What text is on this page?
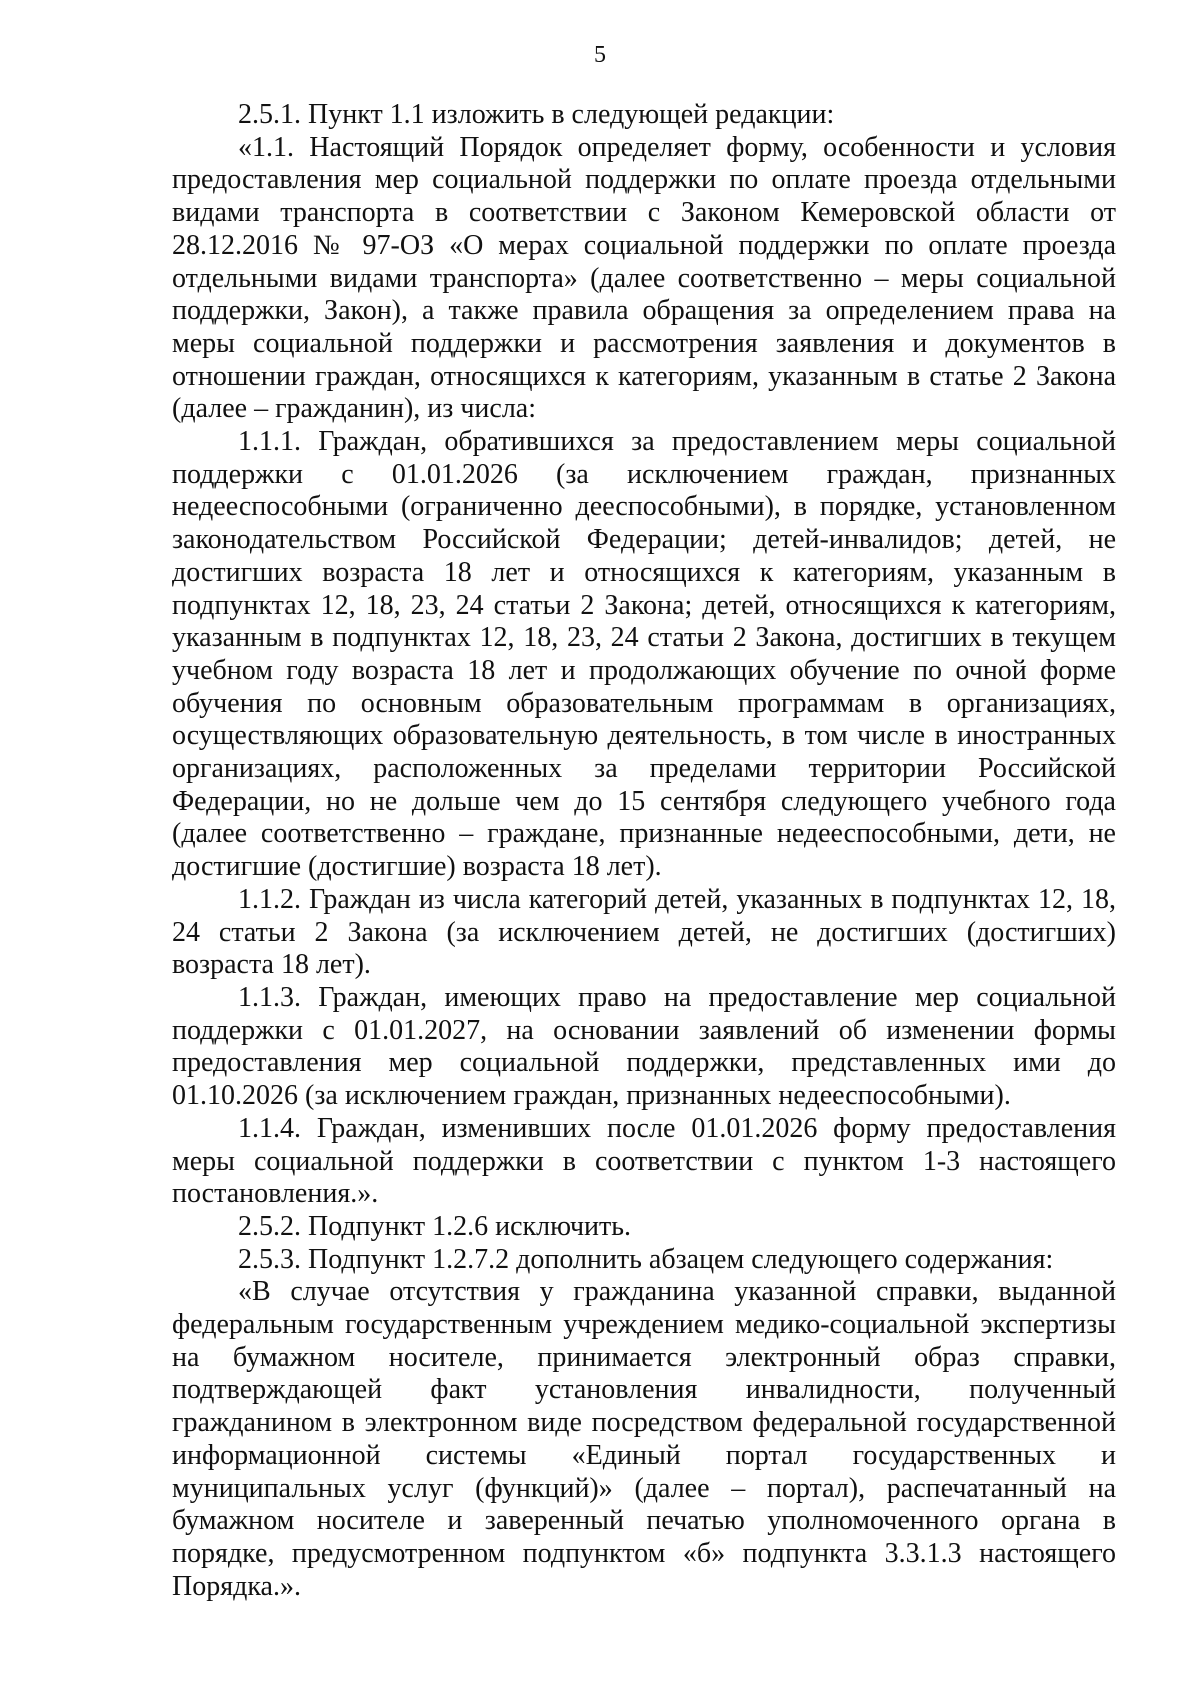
5

2.5.1. Пункт 1.1 изложить в следующей редакции:

«1.1. Настоящий Порядок определяет форму, особенности и условия предоставления мер социальной поддержки по оплате проезда отдельными видами транспорта в соответствии с Законом Кемеровской области от 28.12.2016 № 97-ОЗ «О мерах социальной поддержки по оплате проезда отдельными видами транспорта» (далее соответственно – меры социальной поддержки, Закон), а также правила обращения за определением права на меры социальной поддержки и рассмотрения заявления и документов в отношении граждан, относящихся к категориям, указанным в статье 2 Закона (далее – гражданин), из числа:

1.1.1. Граждан, обратившихся за предоставлением меры социальной поддержки с 01.01.2026 (за исключением граждан, признанных недееспособными (ограниченно дееспособными), в порядке, установленном законодательством Российской Федерации; детей-инвалидов; детей, не достигших возраста 18 лет и относящихся к категориям, указанным в подпунктах 12, 18, 23, 24 статьи 2 Закона; детей, относящихся к категориям, указанным в подпунктах 12, 18, 23, 24 статьи 2 Закона, достигших в текущем учебном году возраста 18 лет и продолжающих обучение по очной форме обучения по основным образовательным программам в организациях, осуществляющих образовательную деятельность, в том числе в иностранных организациях, расположенных за пределами территории Российской Федерации, но не дольше чем до 15 сентября следующего учебного года (далее соответственно – граждане, признанные недееспособными, дети, не достигшие (достигшие) возраста 18 лет).

1.1.2. Граждан из числа категорий детей, указанных в подпунктах 12, 18, 24 статьи 2 Закона (за исключением детей, не достигших (достигших) возраста 18 лет).

1.1.3. Граждан, имеющих право на предоставление мер социальной поддержки с 01.01.2027, на основании заявлений об изменении формы предоставления мер социальной поддержки, представленных ими до 01.10.2026 (за исключением граждан, признанных недееспособными).

1.1.4. Граждан, изменивших после 01.01.2026 форму предоставления меры социальной поддержки в соответствии с пунктом 1-3 настоящего постановления.».

2.5.2. Подпункт 1.2.6 исключить.

2.5.3. Подпункт 1.2.7.2 дополнить абзацем следующего содержания:

«В случае отсутствия у гражданина указанной справки, выданной федеральным государственным учреждением медико-социальной экспертизы на бумажном носителе, принимается электронный образ справки, подтверждающей факт установления инвалидности, полученный гражданином в электронном виде посредством федеральной государственной информационной системы «Единый портал государственных и муниципальных услуг (функций)» (далее – портал), распечатанный на бумажном носителе и заверенный печатью уполномоченного органа в порядке, предусмотренном подпунктом «б» подпункта 3.3.1.3 настоящего Порядка.».
